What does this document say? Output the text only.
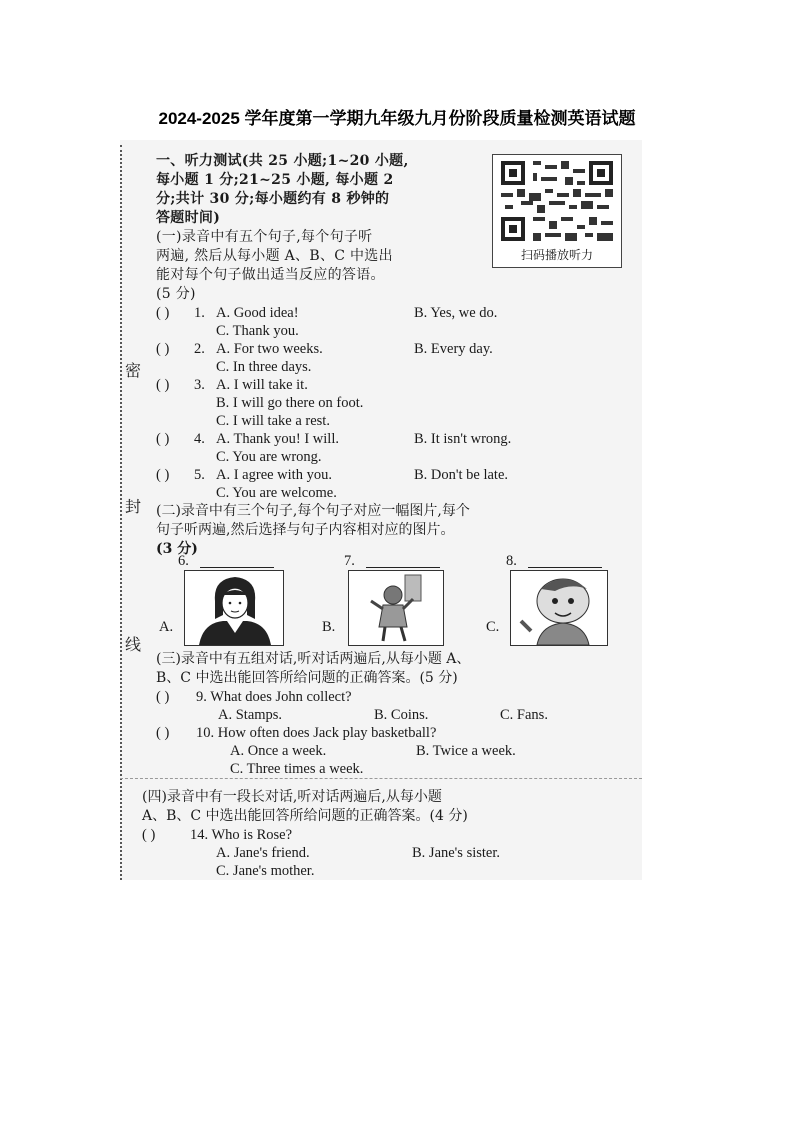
2024-2025 学年度第一学期九年级九月份阶段质量检测英语试题
密
封
线
扫码播放听力
一、听力测试(共 25 小题;1~20 小题,
每小题 1 分;21~25 小题, 每小题 2
分;共计 30 分;每小题约有 8 秒钟的
答题时间)
(一)录音中有五个句子,每个句子听
两遍, 然后从每小题 A、B、C 中选出
能对每个句子做出适当反应的答语。
(5 分)
( ) 1. A. Good idea!	B. Yes, we do.
C. Thank you.
( ) 2. A. For two weeks.	B. Every day.
C. In three days.
( ) 3. A. I will take it.
B. I will go there on foot.
C. I will take a rest.
( ) 4. A. Thank you! I will.	B. It isn't wrong.
C. You are wrong.
( ) 5. A. I agree with you.	B. Don't be late.
C. You are welcome.
(二)录音中有三个句子,每个句子对应一幅图片,每个
句子听两遍,然后选择与句子内容相对应的图片。
(3 分)
6.
A.
7.
B.
8.
C.
(三)录音中有五组对话,听对话两遍后,从每小题 A、
B、C 中选出能回答所给问题的正确答案。(5 分)
( ) 9. What does John collect?
A. Stamps.	B. Coins.	C. Fans.
( ) 10. How often does Jack play basketball?
A. Once a week.	B. Twice a week.
C. Three times a week.
(四)录音中有一段长对话,听对话两遍后,从每小题
A、B、C 中选出能回答所给问题的正确答案。(4 分)
( ) 14. Who is Rose?
A. Jane's friend.	B. Jane's sister.
C. Jane's mother.
